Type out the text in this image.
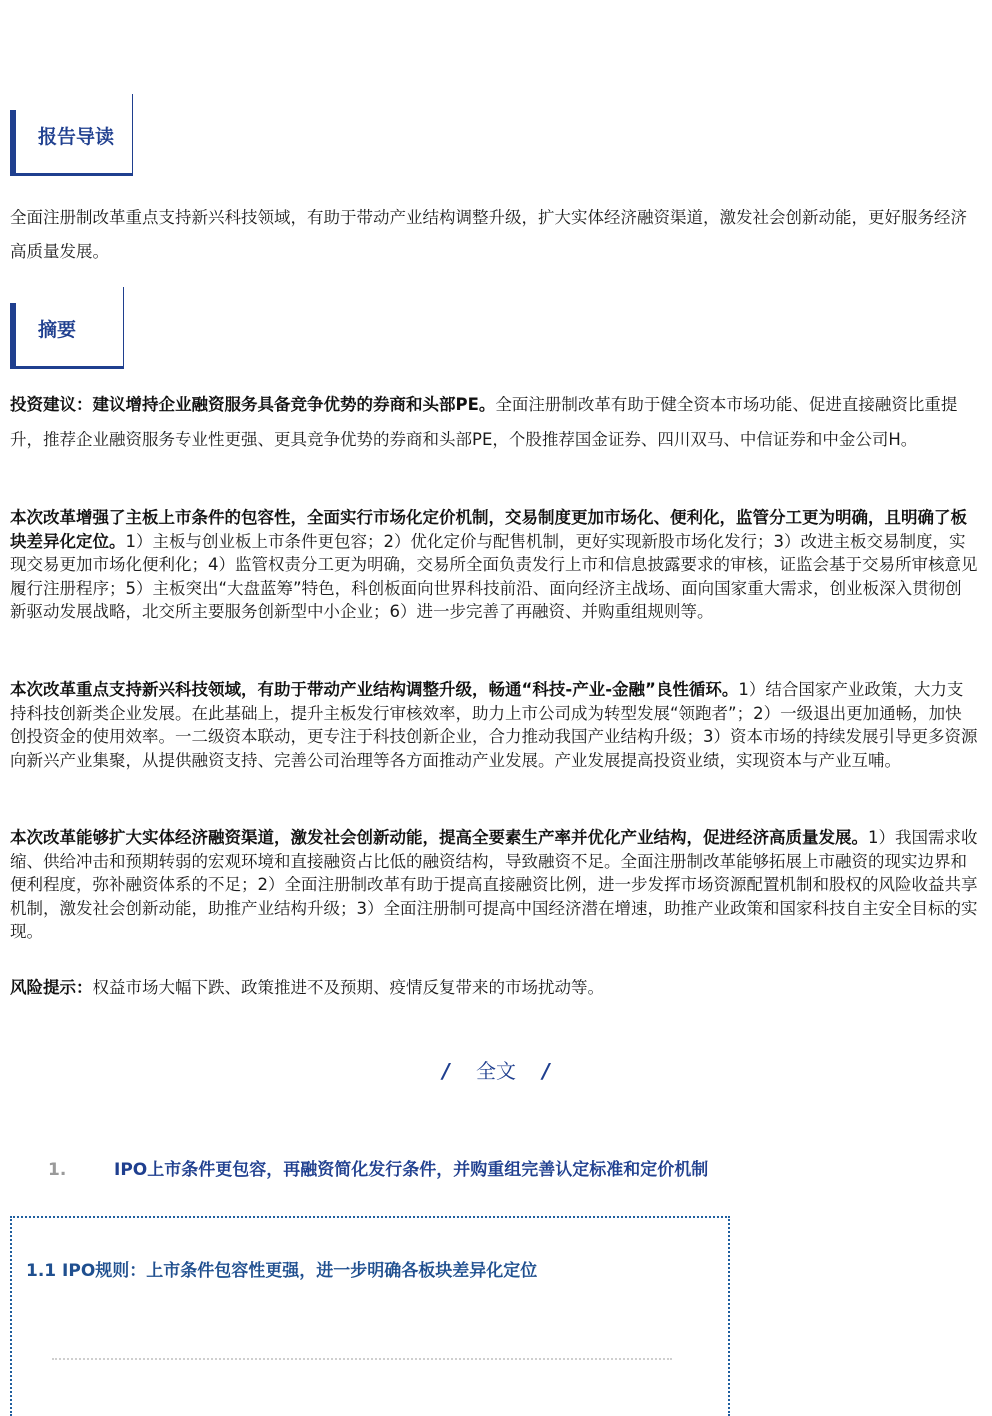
报告导读
全面注册制改革重点支持新兴科技领域，有助于带动产业结构调整升级，扩大实体经济融资渠道，激发社会创新动能，更好服务经济高质量发展。
摘要
投资建议：建议增持企业融资服务具备竞争优势的券商和头部PE。全面注册制改革有助于健全资本市场功能、促进直接融资比重提升，推荐企业融资服务专业性更强、更具竞争优势的券商和头部PE，个股推荐国金证券、四川双马、中信证券和中金公司H。
本次改革增强了主板上市条件的包容性，全面实行市场化定价机制，交易制度更加市场化、便利化，监管分工更为明确，且明确了板块差异化定位。1）主板与创业板上市条件更包容；2）优化定价与配售机制，更好实现新股市场化发行；3）改进主板交易制度，实现交易更加市场化便利化；4）监管权责分工更为明确，交易所全面负责发行上市和信息披露要求的审核，证监会基于交易所审核意见履行注册程序；5）主板突出“大盘蓝筹”特色，科创板面向世界科技前沿、面向经济主战场、面向国家重大需求，创业板深入贯彻创新驱动发展战略，北交所主要服务创新型中小企业；6）进一步完善了再融资、并购重组规则等。
本次改革重点支持新兴科技领域，有助于带动产业结构调整升级，畅通“科技-产业-金融”良性循环。1）结合国家产业政策，大力支持科技创新类企业发展。在此基础上，提升主板发行审核效率，助力上市公司成为转型发展“领跑者”；2）一级退出更加通畅，加快创投资金的使用效率。一二级资本联动，更专注于科技创新企业，合力推动我国产业结构升级；3）资本市场的持续发展引导更多资源向新兴产业集聚，从提供融资支持、完善公司治理等各方面推动产业发展。产业发展提高投资业绩，实现资本与产业互哺。
本次改革能够扩大实体经济融资渠道，激发社会创新动能，提高全要素生产率并优化产业结构，促进经济高质量发展。1）我国需求收缩、供给冲击和预期转弱的宏观环境和直接融资占比低的融资结构，导致融资不足。全面注册制改革能够拓展上市融资的现实边界和便利程度，弥补融资体系的不足；2）全面注册制改革有助于提高直接融资比例，进一步发挥市场资源配置机制和股权的风险收益共享机制，激发社会创新动能，助推产业结构升级；3）全面注册制可提高中国经济潜在增速，助推产业政策和国家科技自主安全目标的实现。
风险提示：权益市场大幅下跌、政策推进不及预期、疫情反复带来的市场扰动等。
/ 全文 /
1.	IPO上市条件更包容，再融资简化发行条件，并购重组完善认定标准和定价机制
1.1 IPO规则：上市条件包容性更强，进一步明确各板块差异化定位
